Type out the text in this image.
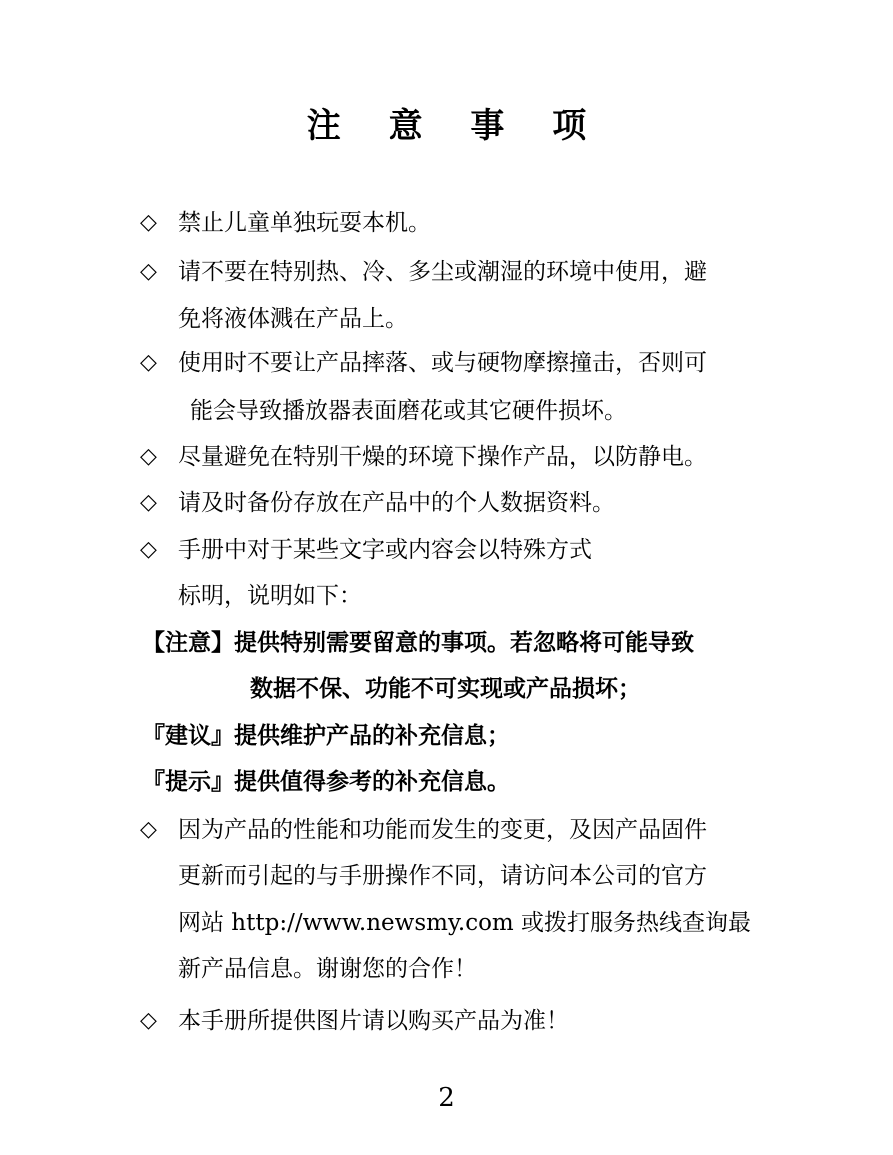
注 意 事 项
◇ 禁止儿童单独玩耍本机。
◇ 请不要在特别热、冷、多尘或潮湿的环境中使用，避
免将液体溅在产品上。
◇ 使用时不要让产品摔落、或与硬物摩擦撞击，否则可
能会导致播放器表面磨花或其它硬件损坏。
◇ 尽量避免在特别干燥的环境下操作产品，以防静电。
◇ 请及时备份存放在产品中的个人数据资料。
◇ 手册中对于某些文字或内容会以特殊方式
标明，说明如下：
【注意】提供特别需要留意的事项。若忽略将可能导致
数据不保、功能不可实现或产品损坏；
『建议』提供维护产品的补充信息；
『提示』提供值得参考的补充信息。
◇ 因为产品的性能和功能而发生的变更，及因产品固件
更新而引起的与手册操作不同，请访问本公司的官方
网站 http://www.newsmy.com 或拨打服务热线查询最
新产品信息。谢谢您的合作！
◇ 本手册所提供图片请以购买产品为准！
2
